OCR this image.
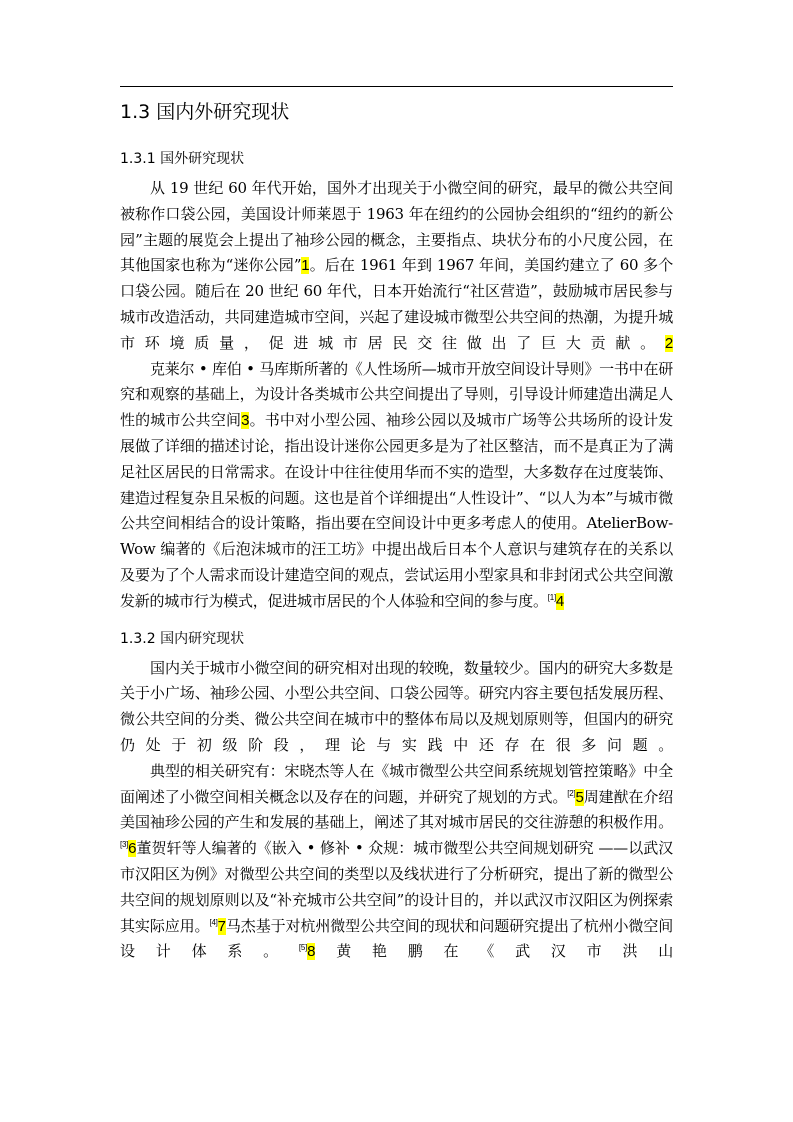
1.3 国内外研究现状
1.3.1 国外研究现状

从 19 世纪 60 年代开始，国外才出现关于小微空间的研究，最早的微公共空间被称作口袋公园，美国设计师莱恩于 1963 年在纽约的公园协会组织的“纽约的新公园”主题的展览会上提出了袖珍公园的概念，主要指点、块状分布的小尺度公园，在其他国家也称为“迷你公园”1。后在 1961 年到 1967 年间，美国约建立了 60 多个口袋公园。随后在 20 世纪 60 年代，日本开始流行“社区营造”，鼓励城市居民参与城市改造活动，共同建造城市空间，兴起了建设城市微型公共空间的热潮，为提升城市环境质量，促进城市居民交往做出了巨大贡献。2

克莱尔 • 库伯 • 马库斯所著的《人性场所—城市开放空间设计导则》一书中在研究和观察的基础上，为设计各类城市公共空间提出了导则，引导设计师建造出满足人性的城市公共空间3。书中对小型公园、袖珍公园以及城市广场等公共场所的设计发展做了详细的描述讨论，指出设计迷你公园更多是为了社区整洁，而不是真正为了满足社区居民的日常需求。在设计中往往使用华而不实的造型，大多数存在过度装饰、建造过程复杂且呆板的问题。这也是首个详细提出“人性设计”、“以人为本”与城市微公共空间相结合的设计策略，指出要在空间设计中更多考虑人的使用。AtelierBow-Wow 编著的《后泡沫城市的汪工坊》中提出战后日本个人意识与建筑存在的关系以及要为了个人需求而设计建造空间的观点，尝试运用小型家具和非封闭式公共空间激发新的城市行为模式，促进城市居民的个人体验和空间的参与度。[1]4

1.3.2 国内研究现状

国内关于城市小微空间的研究相对出现的较晚，数量较少。国内的研究大多数是关于小广场、袖珍公园、小型公共空间、口袋公园等。研究内容主要包括发展历程、微公共空间的分类、微公共空间在城市中的整体布局以及规划原则等，但国内的研究仍处于初级阶段，理论与实践中还存在很多问题。

典型的相关研究有：宋晓杰等人在《城市微型公共空间系统规划管控策略》中全面阐述了小微空间相关概念以及存在的问题，并研究了规划的方式。[2]5周建猷在介绍美国袖珍公园的产生和发展的基础上，阐述了其对城市居民的交往游憩的积极作用。[3]6董贺轩等人编著的《嵌入 • 修补 • 众规：城市微型公共空间规划研究 ——以武汉市汉阳区为例》对微型公共空间的类型以及线状进行了分析研究，提出了新的微型公共空间的规划原则以及“补充城市公共空间”的设计目的，并以武汉市汉阳区为例探索其实际应用。[4]7马杰基于对杭州微型公共空间的现状和问题研究提出了杭州小微空间设计体系。[5]8黄艳鹏在《武汉市洪山
